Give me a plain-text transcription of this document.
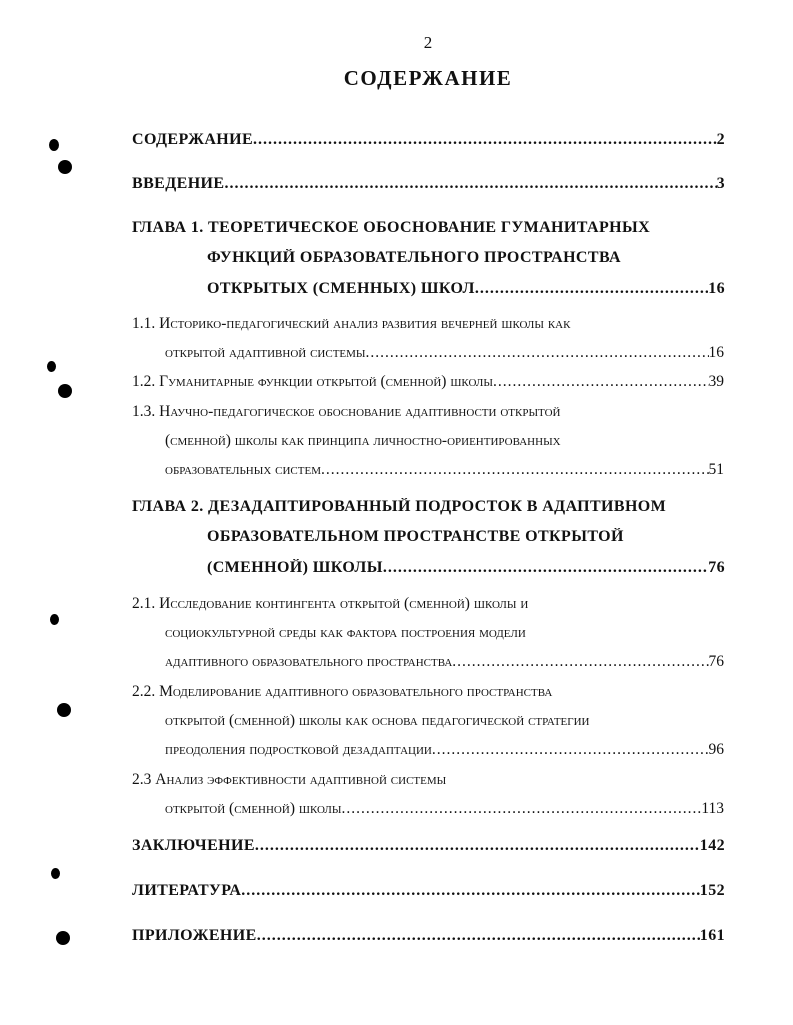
2
СОДЕРЖАНИЕ
СОДЕРЖАНИЕ .....	2
ВВЕДЕНИЕ .....	3
ГЛАВА 1. ТЕОРЕТИЧЕСКОЕ ОБОСНОВАНИЕ ГУМАНИТАРНЫХ
ФУНКЦИЙ ОБРАЗОВАТЕЛЬНОГО ПРОСТРАНСТВА
ОТКРЫТЫХ (СМЕННЫХ) ШКОЛ .....	16
1.1. Историко-педагогический анализ развития вечерней школы как
открытой адаптивной системы .....	16
1.2. Гуманитарные функции открытой (сменной) школы .....	39
1.3. Научно-педагогическое обоснование адаптивности открытой
(сменной) школы как принципа личностно-ориентированных
образовательных систем .....	51
ГЛАВА 2. ДЕЗАДАПТИРОВАННЫЙ ПОДРОСТОК В АДАПТИВНОМ
ОБРАЗОВАТЕЛЬНОМ ПРОСТРАНСТВЕ ОТКРЫТОЙ
(СМЕННОЙ) ШКОЛЫ .....	76
2.1. Исследование контингента открытой (сменной) школы и
социокультурной среды как фактора построения модели
адаптивного образовательного пространства .....	76
2.2. Моделирование адаптивного образовательного пространства
открытой (сменной) школы как основа педагогической стратегии
преодоления подростковой дезадаптации .....	96
2.3 Анализ эффективности адаптивной системы
открытой (сменной) школы .....	113
ЗАКЛЮЧЕНИЕ .....	142
ЛИТЕРАТУРА .....	152
ПРИЛОЖЕНИЕ .....	161
